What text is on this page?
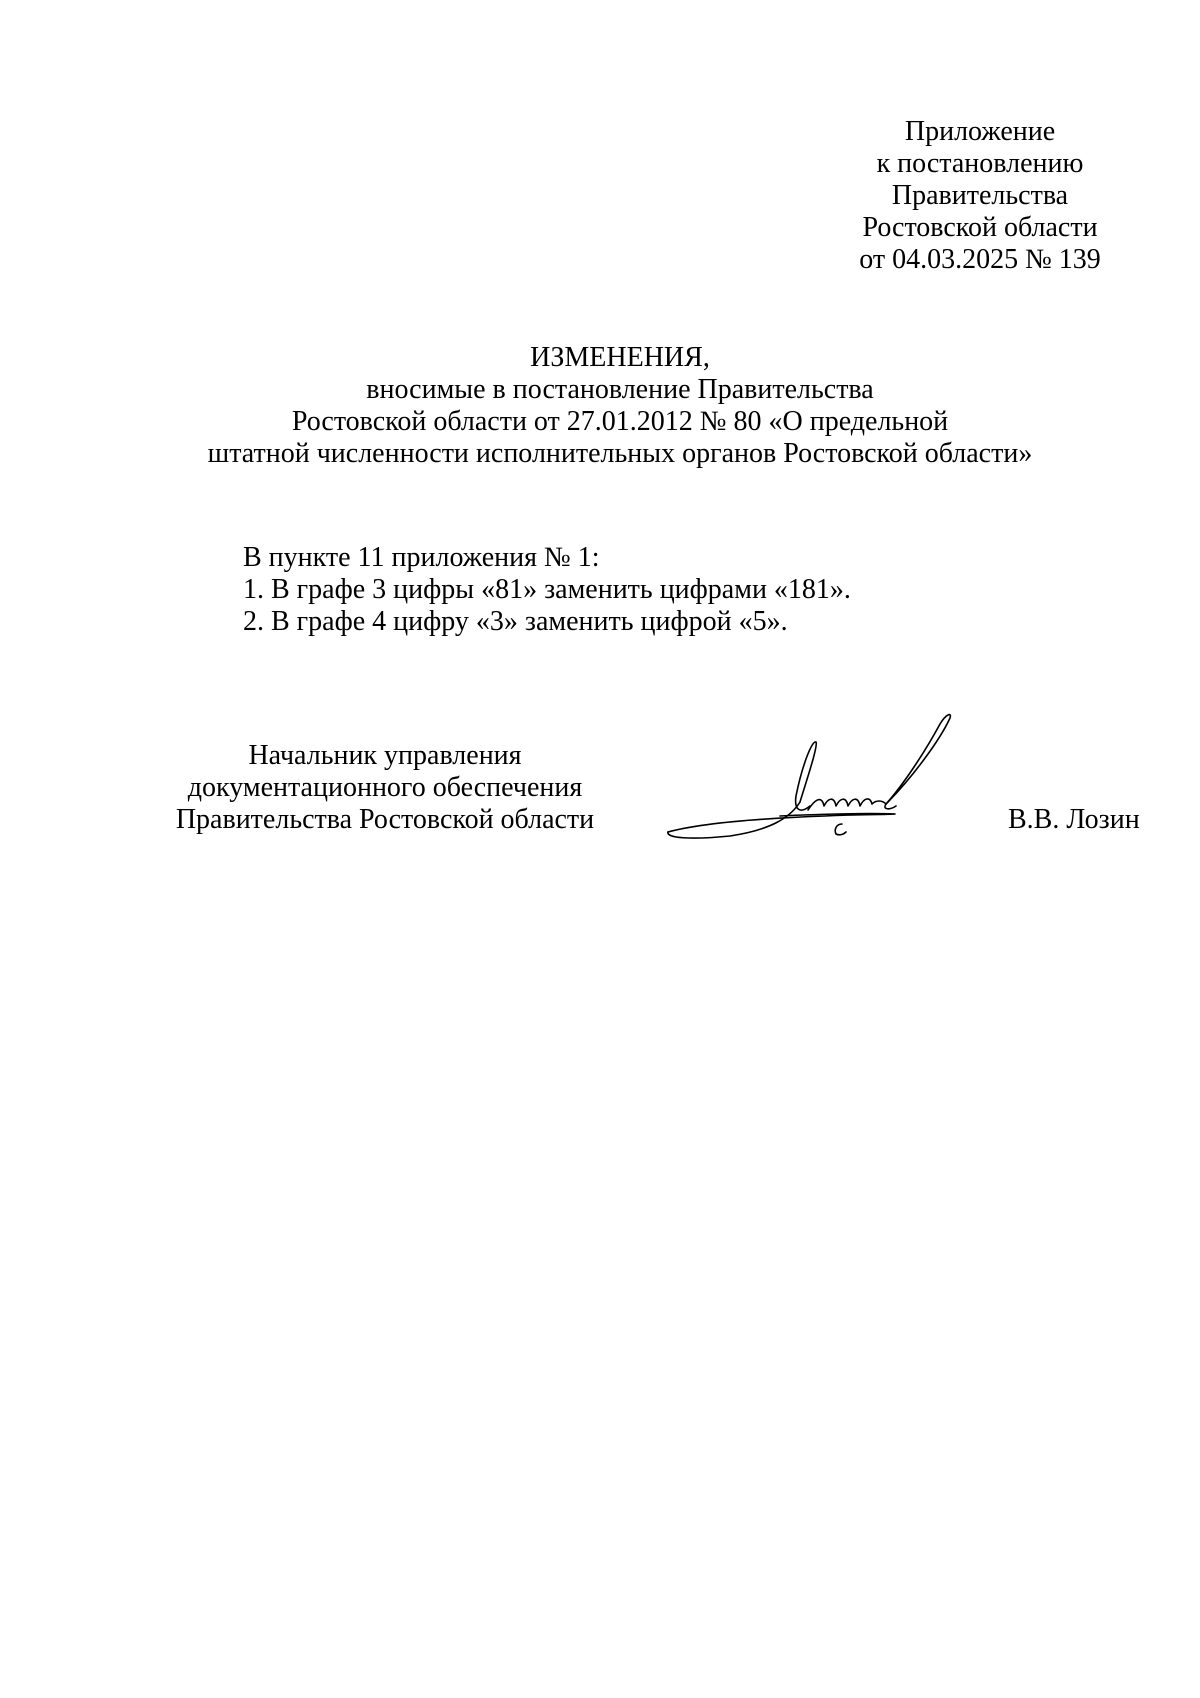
Приложение
к постановлению
Правительства
Ростовской области
от 04.03.2025 № 139
ИЗМЕНЕНИЯ,
вносимые в постановление Правительства
Ростовской области от 27.01.2012 № 80 «О предельной
штатной численности исполнительных органов Ростовской области»
В пункте 11 приложения № 1:
1. В графе 3 цифры «81» заменить цифрами «181».
2. В графе 4 цифру «3» заменить цифрой «5».
Начальник управления
документационного обеспечения
Правительства Ростовской области	В.В. Лозин
